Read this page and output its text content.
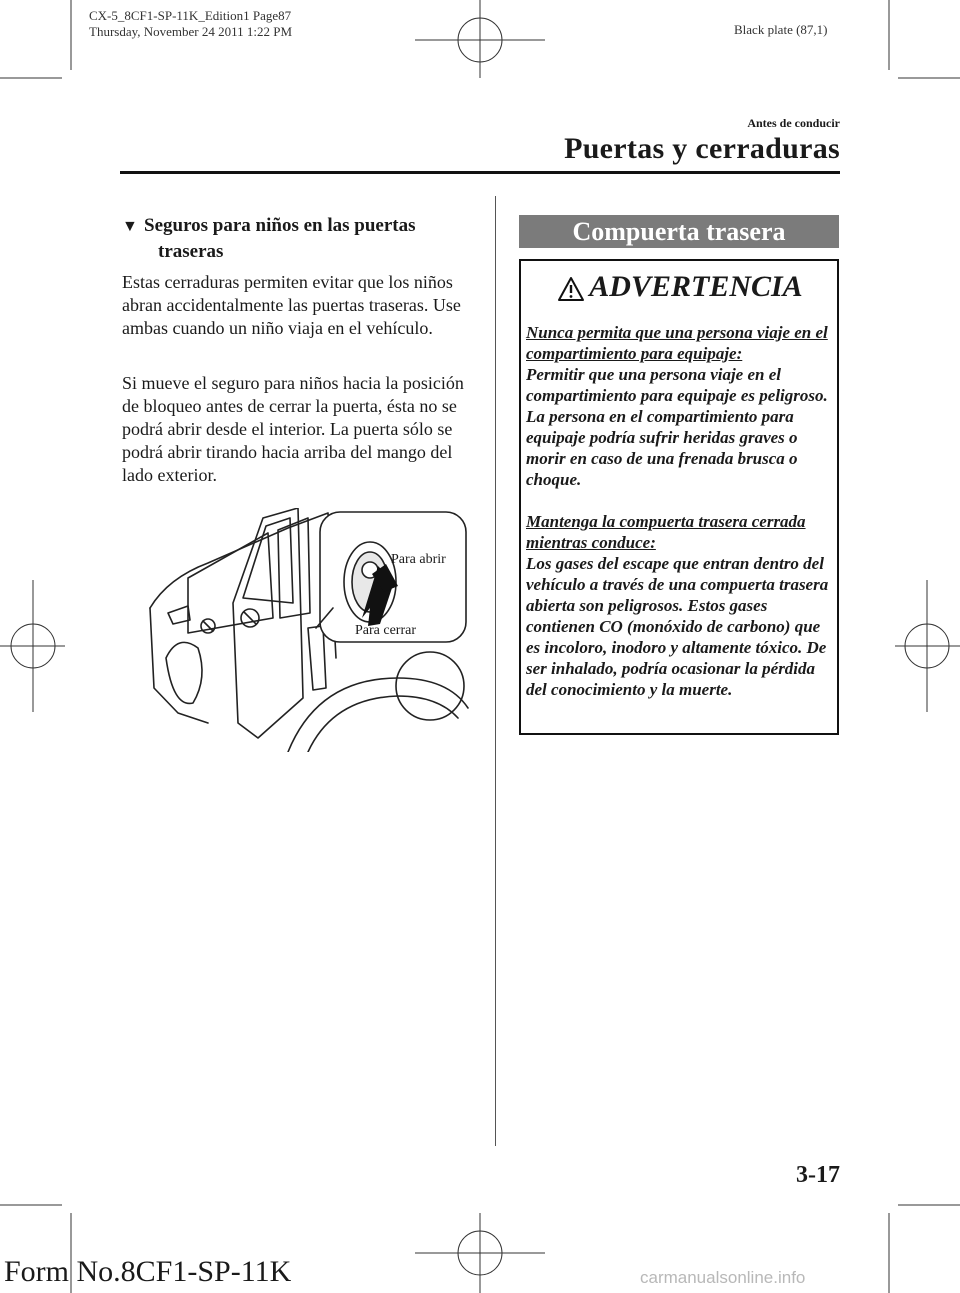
CX-5_8CF1-SP-11K_Edition1 Page87
Thursday, November 24 2011 1:22 PM	Black plate (87,1)
Antes de conducir
Puertas y cerraduras
▼ Seguros para niños en las puertas
traseras
Estas cerraduras permiten evitar que los niños abran accidentalmente las puertas traseras. Use ambas cuando un niño viaja en el vehículo.
Si mueve el seguro para niños hacia la posición de bloqueo antes de cerrar la puerta, ésta no se podrá abrir desde el interior. La puerta sólo se podrá abrir tirando hacia arriba del mango del lado exterior.
Para abrir
Para cerrar
Compuerta trasera
ADVERTENCIA
Nunca permita que una persona viaje en el compartimiento para equipaje:
Permitir que una persona viaje en el compartimiento para equipaje es peligroso. La persona en el compartimiento para equipaje podría sufrir heridas graves o morir en caso de una frenada brusca o choque.
Mantenga la compuerta trasera cerrada mientras conduce:
Los gases del escape que entran dentro del vehículo a través de una compuerta trasera abierta son peligrosos. Estos gases contienen CO (monóxido de carbono) que es incoloro, inodoro y altamente tóxico. De ser inhalado, podría ocasionar la pérdida del conocimiento y la muerte.
3-17
Form No.8CF1-SP-11K	carmanualsonline.info
